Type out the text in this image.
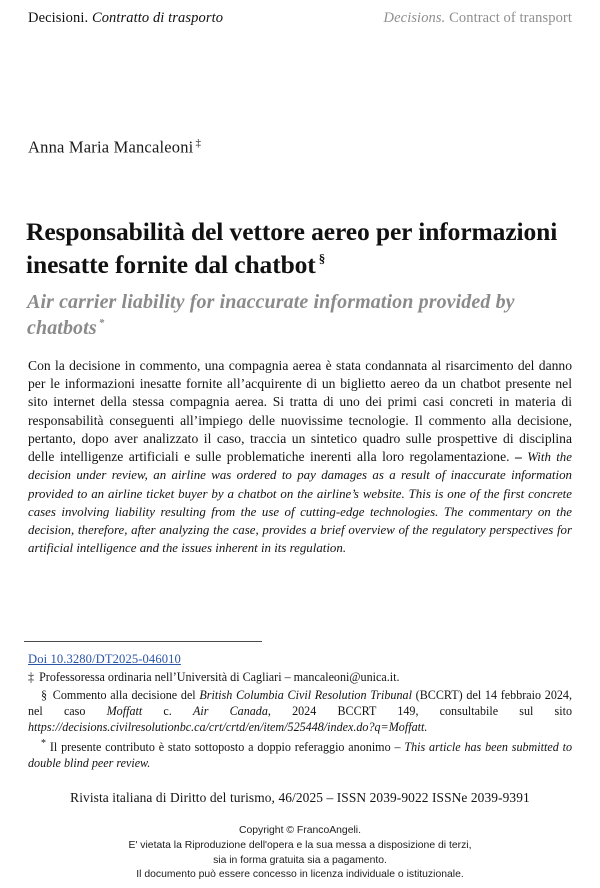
Decisioni. Contratto di trasporto	Decisions. Contract of transport
Anna Maria Mancaleoni ‡
Responsabilità del vettore aereo per informazioni inesatte fornite dal chatbot §
Air carrier liability for inaccurate information provided by chatbots *
Con la decisione in commento, una compagnia aerea è stata condannata al risarcimento del danno per le informazioni inesatte fornite all’acquirente di un biglietto aereo da un chatbot presente nel sito internet della stessa compagnia aerea. Si tratta di uno dei primi casi concreti in materia di responsabilità conseguenti all’impiego delle nuovissime tecnologie. Il commento alla decisione, pertanto, dopo aver analizzato il caso, traccia un sintetico quadro sulle prospettive di disciplina delle intelligenze artificiali e sulle problematiche inerenti alla loro regolamentazione. – With the decision under review, an airline was ordered to pay damages as a result of inaccurate information provided to an airline ticket buyer by a chatbot on the airline’s website. This is one of the first concrete cases involving liability resulting from the use of cutting-edge technologies. The commentary on the decision, therefore, after analyzing the case, provides a brief overview of the regulatory perspectives for artificial intelligence and the issues inherent in its regulation.
Doi 10.3280/DT2025-046010
‡ Professoressa ordinaria nell’Università di Cagliari – mancaleoni@unica.it.
§ Commento alla decisione del British Columbia Civil Resolution Tribunal (BCCRT) del 14 febbraio 2024, nel caso Moffatt c. Air Canada, 2024 BCCRT 149, consultabile sul sito https://decisions.civilresolutionbc.ca/crt/crtd/en/item/525448/index.do?q=Moffatt.
* Il presente contributo è stato sottoposto a doppio referaggio anonimo – This article has been submitted to double blind peer review.
Rivista italiana di Diritto del turismo, 46/2025 – ISSN 2039-9022 ISSNe 2039-9391
Copyright © FrancoAngeli.
E' vietata la Riproduzione dell'opera e la sua messa a disposizione di terzi,
sia in forma gratuita sia a pagamento.
Il documento può essere concesso in licenza individuale o istituzionale.
